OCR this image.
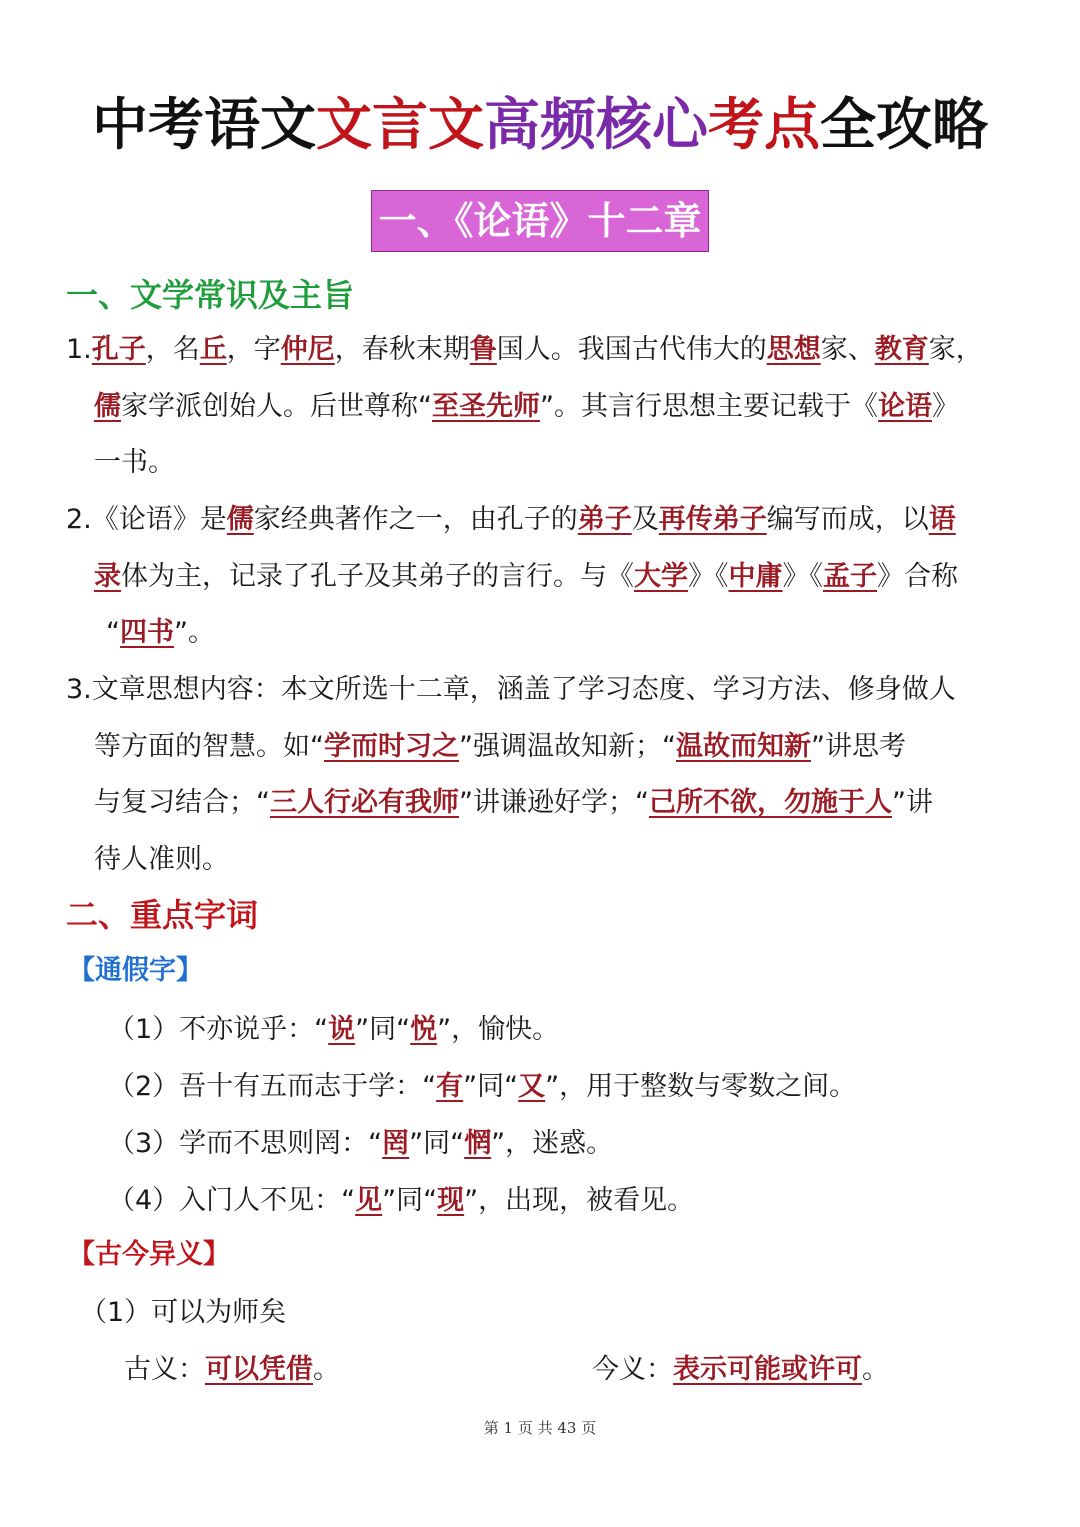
中考语文文言文高频核心考点全攻略
一、《论语》十二章
一、文学常识及主旨
1.孔子，名丘，字仲尼，春秋末期鲁国人。我国古代伟大的思想家、教育家，
儒家学派创始人。后世尊称“至圣先师”。其言行思想主要记载于《论语》
一书。
2.《论语》是儒家经典著作之一，由孔子的弟子及再传弟子编写而成，以语
录体为主，记录了孔子及其弟子的言行。与《大学》《中庸》《孟子》合称
“四书”。
3.文章思想内容：本文所选十二章，涵盖了学习态度、学习方法、修身做人
等方面的智慧。如“学而时习之”强调温故知新；“温故而知新”讲思考
与复习结合；“三人行必有我师”讲谦逊好学；“己所不欲，勿施于人”讲
待人准则。
二、重点字词
【通假字】
（1）不亦说乎：“说”同“悦”，愉快。
（2）吾十有五而志于学：“有”同“又”，用于整数与零数之间。
（3）学而不思则罔：“罔”同“惘”，迷惑。
（4）入门人不见：“见”同“现”，出现，被看见。
【古今异义】
（1）可以为师矣
古义：可以凭借。	今义：表示可能或许可。
第 1 页 共 43 页
